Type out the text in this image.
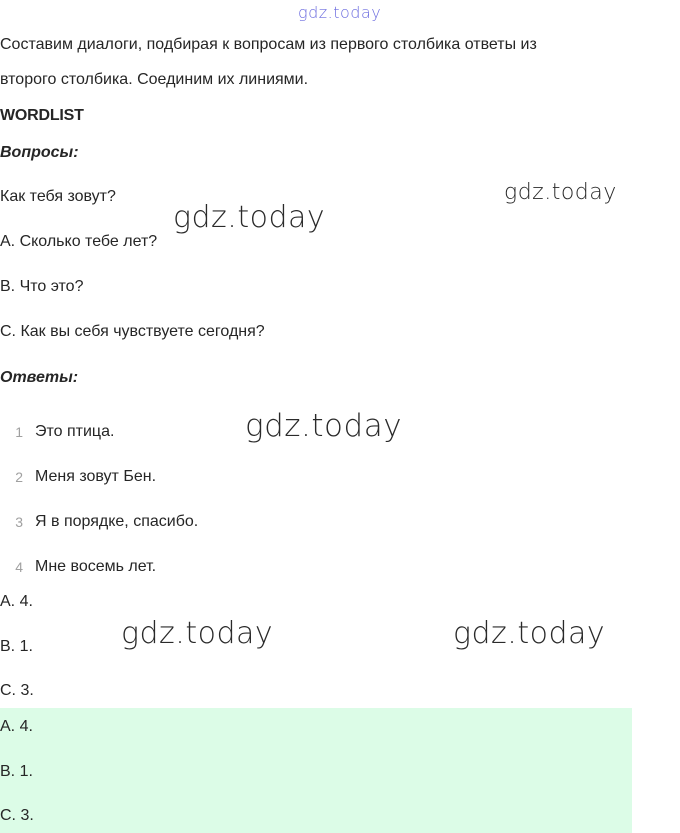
gdz.today
Составим диалоги, подбирая к вопросам из первого столбика ответы из
второго столбика. Соединим их линиями.
WORDLIST
Вопросы:
Как тебя зовут?
A. Сколько тебе лет?
B. Что это?
C. Как вы себя чувствуете сегодня?
Ответы:
1 Это птица.
2 Меня зовут Бен.
3 Я в порядке, спасибо.
4 Мне восемь лет.
A. 4.
B. 1.
C. 3.
A. 4.
B. 1.
C. 3.
gdz.today
gdz.today
gdz.today
gdz.today	gdz.today
